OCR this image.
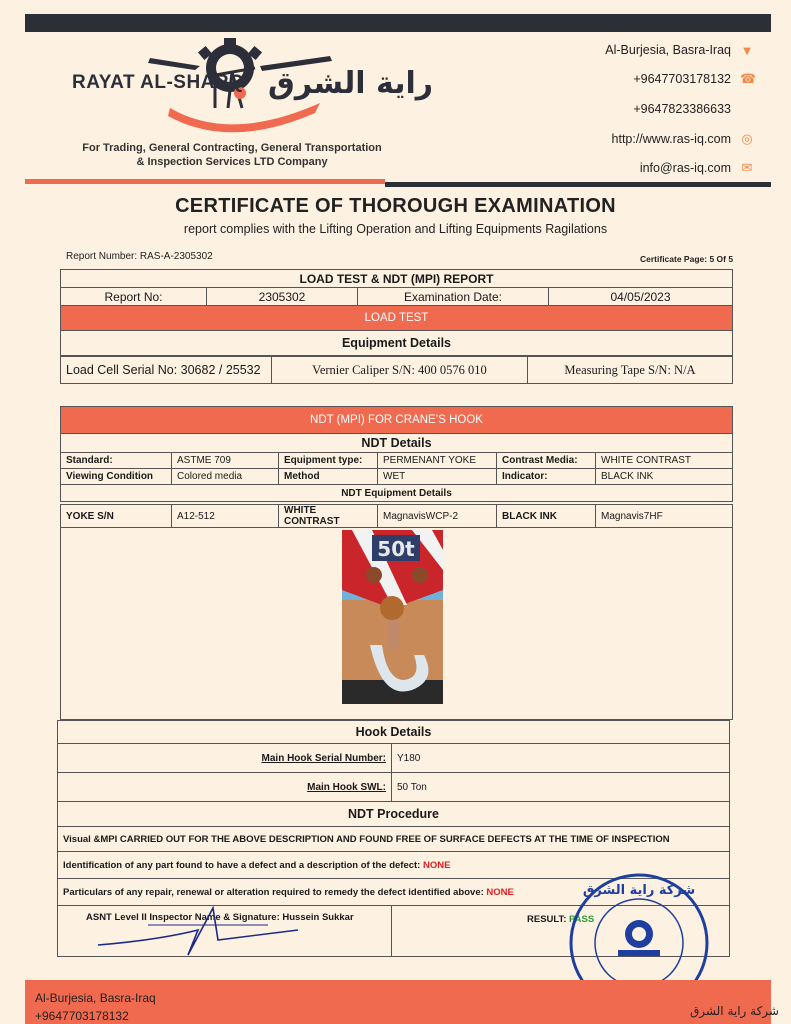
RAYAT AL-SHARQ راية الشرق
For Trading, General Contracting, General Transportation
& Inspection Services LTD Company
Al-Burjesia, Basra-Iraq ▼
+9647703178132 ☎
+9647823386633
http://www.ras-iq.com ◎
info@ras-iq.com ✉
CERTIFICATE OF THOROUGH EXAMINATION
report complies with the Lifting Operation and Lifting Equipments Ragilations
Report Number: RAS-A-2305302	Certificate Page: 5 Of 5
LOAD TEST & NDT (MPI) REPORT
Report No:	2305302	Examination Date:	04/05/2023
LOAD TEST
Equipment Details
Load Cell Serial No: 30682 / 25532	Vernier Caliper S/N: 400 0576 010	Measuring Tape S/N: N/A
NDT (MPI) FOR CRANE’S HOOK
NDT Details
Standard:	ASTME 709	Equipment type:	PERMENANT YOKE	Contrast Media:	WHITE CONTRAST
Viewing Condition	Colored media	Method	WET	Indicator:	BLACK INK
NDT Equipment Details					
YOKE S/N	A12-512	WHITE CONTRAST	MagnavisWCP-2	BLACK INK	Magnavis7HF
50t
Hook Details	
Main Hook Serial Number:	Y180
Main Hook SWL:	50 Ton
NDT Procedure	
Visual &MPI CARRIED OUT FOR THE ABOVE DESCRIPTION AND FOUND FREE OF SURFACE DEFECTS AT THE TIME OF INSPECTION	
Identification of any part found to have a defect and a description of the defect: NONE	
Particulars of any repair, renewal or alteration required to remedy the defect identified above: NONE	
ASNT Level II Inspector Name & Signature: Hussein Sukkar	RESULT: PASS
شركة راية الشرق
Al-Burjesia, Basra-Iraq
+9647703178132	شركة راية الشرق
